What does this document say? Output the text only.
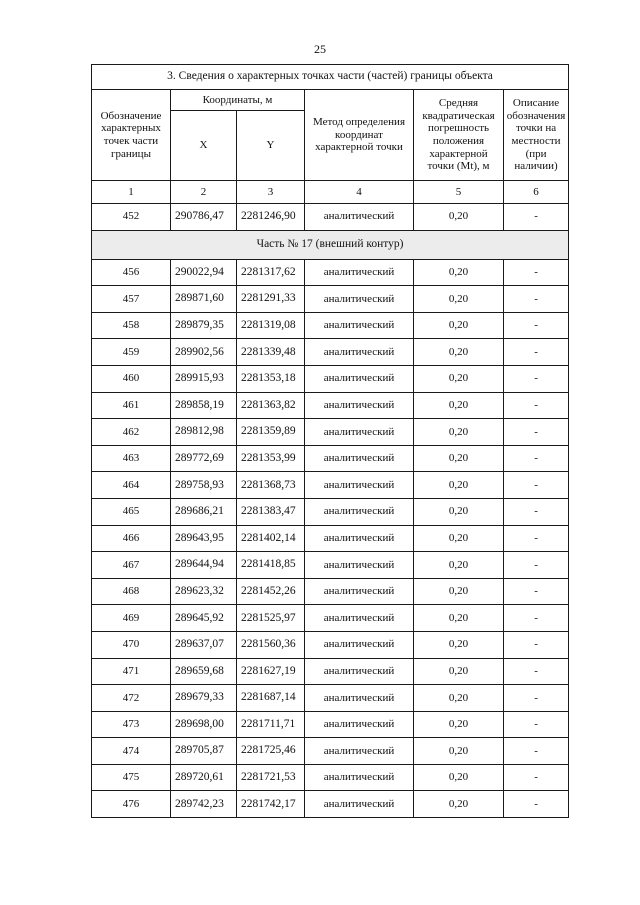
25
3. Сведения о характерных точках части (частей) границы объекта					
Обозначение характерных точек части границы	Координаты, м		Метод определения координат характерной точки	Средняя квадратическая погрешность положения характерной точки (Mt), м	Описание обозначения точки на местности (при наличии)
	X	Y			
1	2	3	4	5	6
452	290786,47	2281246,90	аналитический	0,20	-
Часть № 17 (внешний контур)					
456	290022,94	2281317,62	аналитический	0,20	-
457	289871,60	2281291,33	аналитический	0,20	-
458	289879,35	2281319,08	аналитический	0,20	-
459	289902,56	2281339,48	аналитический	0,20	-
460	289915,93	2281353,18	аналитический	0,20	-
461	289858,19	2281363,82	аналитический	0,20	-
462	289812,98	2281359,89	аналитический	0,20	-
463	289772,69	2281353,99	аналитический	0,20	-
464	289758,93	2281368,73	аналитический	0,20	-
465	289686,21	2281383,47	аналитический	0,20	-
466	289643,95	2281402,14	аналитический	0,20	-
467	289644,94	2281418,85	аналитический	0,20	-
468	289623,32	2281452,26	аналитический	0,20	-
469	289645,92	2281525,97	аналитический	0,20	-
470	289637,07	2281560,36	аналитический	0,20	-
471	289659,68	2281627,19	аналитический	0,20	-
472	289679,33	2281687,14	аналитический	0,20	-
473	289698,00	2281711,71	аналитический	0,20	-
474	289705,87	2281725,46	аналитический	0,20	-
475	289720,61	2281721,53	аналитический	0,20	-
476	289742,23	2281742,17	аналитический	0,20	-
